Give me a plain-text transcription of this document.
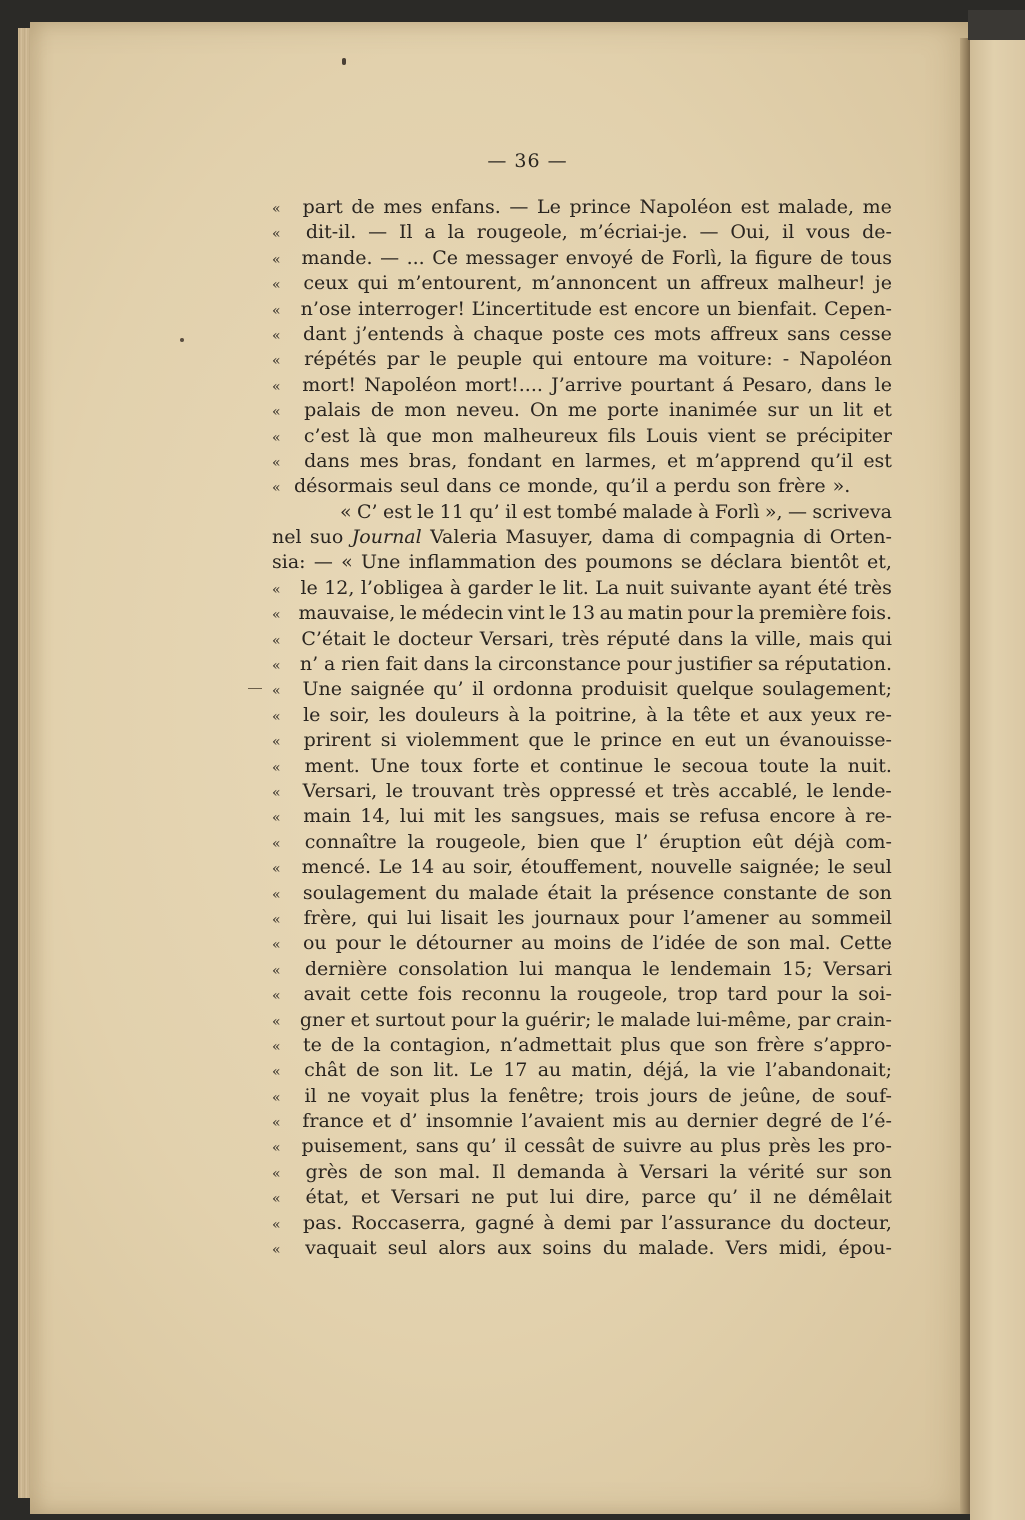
— 36 —
«	part de mes enfans. — Le prince Napoléon est malade, me
«	dit-il. — Il a la rougeole, m’écriai-je. — Oui, il vous de-
«	mande. — ... Ce messager envoyé de Forlì, la figure de tous
«	ceux qui m’entourent, m’annoncent un affreux malheur! je
«	n’ose interroger! L’incertitude est encore un bienfait. Cepen-
«	dant j’entends à chaque poste ces mots affreux sans cesse
«	répétés par le peuple qui entoure ma voiture: - Napoléon
«	mort! Napoléon mort!.... J’arrive pourtant á Pesaro, dans le
«	palais de mon neveu. On me porte inanimée sur un lit et
«	c’est là que mon malheureux fils Louis vient se précipiter
«	dans mes bras, fondant en larmes, et m’apprend qu’il est
« désormais seul dans ce monde, qu’il a perdu son frère ».
« C’ est le 11 qu’ il est tombé malade à Forlì », — scriveva
nel suo Journal Valeria Masuyer, dama di compagnia di Orten-
sia: — « Une inflammation des poumons se déclara bientôt et,
«	le 12, l’obligea à garder le lit. La nuit suivante ayant été très
« mauvaise, le médecin vint le 13 au matin pour la première fois.
«	C’était le docteur Versari, très réputé dans la ville, mais qui
«	n’ a rien fait dans la circonstance pour justifier sa réputation.
«	Une saignée qu’ il ordonna produisit quelque soulagement;
«	le soir, les douleurs à la poitrine, à la tête et aux yeux re-
«	prirent si violemment que le prince en eut un évanouisse-
«	ment. Une toux forte et continue le secoua toute la nuit.
«	Versari, le trouvant très oppressé et très accablé, le lende-
«	main 14, lui mit les sangsues, mais se refusa encore à re-
«	connaître la rougeole, bien que l’ éruption eût déjà com-
«	mencé. Le 14 au soir, étouffement, nouvelle saignée; le seul
«	soulagement du malade était la présence constante de son
«	frère, qui lui lisait les journaux pour l’amener au sommeil
«	ou pour le détourner au moins de l’idée de son mal. Cette
«	dernière consolation lui manqua le lendemain 15; Versari
«	avait cette fois reconnu la rougeole, trop tard pour la soi-
«	gner et surtout pour la guérir; le malade lui-même, par crain-
«	te de la contagion, n’admettait plus que son frère s’appro-
«	chât de son lit. Le 17 au matin, déjá, la vie l’abandonait;
«	il ne voyait plus la fenêtre; trois jours de jeûne, de souf-
«	france et d’ insomnie l’avaient mis au dernier degré de l’é-
«	puisement, sans qu’ il cessât de suivre au plus près les pro-
«	grès de son mal. Il demanda à Versari la vérité sur son
«	état, et Versari ne put lui dire, parce qu’ il ne démêlait
«	pas. Roccaserra, gagné à demi par l’assurance du docteur,
«	vaquait seul alors aux soins du malade. Vers midi, épou-
